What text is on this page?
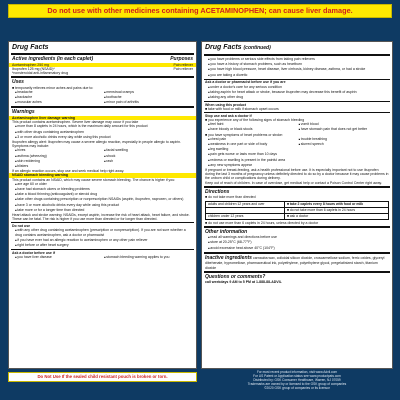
Do not use with other medicines containing ACETAMINOPHEN; can cause liver damage.
Drug Facts
Active ingredients (in each caplet)	Purposes
Acetaminophen 250 mg	Pain reliever
Ibuprofen 125 mg (NSAID)*	Pain reliever
*nonsteroidal anti-inflammatory drug
Uses
■ temporarily relieves minor aches and pains due to:
■ headache	■ menstrual cramps
■ backache	■ toothache
■ muscular aches	■ minor pain of arthritis
Warnings
Acetaminophen liver damage warning
This product contains acetaminophen. Severe liver damage may occur if you take
■ more than 8 caplets in 24 hours, which is the maximum daily amount for this product
■ with other drugs containing acetaminophen
■ 3 or more alcoholic drinks every day while using this product
Ibuprofen allergy alert: Ibuprofen may cause a severe allergic reaction, especially in people allergic to aspirin. Symptoms may include:
■ hives	■ facial swelling
■ asthma (wheezing)	■ shock
■ skin reddening	■ rash
■ blisters
If an allergic reaction occurs, stop use and seek medical help right away.
NSAID stomach bleeding warning
This product contains an NSAID, which may cause severe stomach bleeding. The chance is higher if you:
■ are age 60 or older
■ have had stomach ulcers or bleeding problems
■ take a blood thinning (anticoagulant) or steroid drug
■ take other drugs containing prescription or nonprescription NSAIDs (aspirin, ibuprofen, naproxen, or others)
■ have 3 or more alcoholic drinks every day while using this product
■ take more or for a longer time than directed
Heart attack and stroke warning: NSAIDs, except aspirin, increase the risk of heart attack, heart failure, and stroke. These can be fatal. The risk is higher if you use more than directed or for longer than directed.
Do not use
■ with any other drug containing acetaminophen (prescription or nonprescription). If you are not sure whether a drug contains acetaminophen, ask a doctor or pharmacist
■ if you have ever had an allergic reaction to acetaminophen or any other pain reliever
■ right before or after heart surgery
Ask a doctor before use if
■ you have liver disease	■ stomach bleeding warning applies to you
Drug Facts (continued)
■ you have problems or serious side effects from taking pain relievers
■ you have a history of stomach problems, such as heartburn
■ you have high blood pressure, heart disease, liver cirrhosis, kidney disease, asthma, or had a stroke
■ you are taking a diuretic
Ask a doctor or pharmacist before use if you are
■ under a doctor's care for any serious condition
■ taking aspirin for heart attack or stroke, because ibuprofen may decrease this benefit of aspirin
■ taking any other drug
When using this product
■ take with food or milk if stomach upset occurs
Stop use and ask a doctor if
■ you experience any of the following signs of stomach bleeding
■ feel faint	■ vomit blood
■ have bloody or black stools	■ have stomach pain that does not get better
■ you have symptoms of heart problems or stroke:
■ chest pain	■ trouble breathing
■ weakness in one part or side of body	■ slurred speech
■ leg swelling
■ pain gets worse or lasts more than 10 days
■ redness or swelling is present in the painful area
■ any new symptoms appear
If pregnant or breast-feeding, ask a health professional before use. It is especially important not to use ibuprofen during the last 3 months of pregnancy unless definitely directed to do so by a doctor because it may cause problems in the unborn child or complications during delivery.
Keep out of reach of children. In case of overdose, get medical help or contact a Poison Control Center right away.
Directions
■ do not take more than directed
adults and children 12 years and over	■ take 2 caplets every 8 hours with food or milk
	■ do not take more than 6 caplets in 24 hours
children under 12 years	■ ask a doctor
■ do not use more than 6 caplets in 24 hours, unless directed by a doctor
Other information
■ read all warnings and directions before use
■ store at 20-25°C (68-77°F)
■ avoid excessive heat above 40°C (104°F)
Inactive ingredients carnauba wax, colloidal silicon dioxide, croscarmellose sodium, ferric oxides, glyceryl dibehenate, hypromellose, pharmaceutical ink, polyethylene, polyethylene glycol, pregelatinized starch, titanium dioxide
Questions or comments?
call weekdays 9 AM to 5 PM at 1-888-88-ADVIL
Do Not Use If the sealed child resistant pouch is broken or torn.
For most recent product information, visit www.Advil.com
For US Patent or Application status see www.productpats.com
Distributed by: GSK Consumer Healthcare, Warren, NJ 07059
Trademarks are owned by or licensed to the GSK group of companies
©2020 GSK group of companies or its licensor
